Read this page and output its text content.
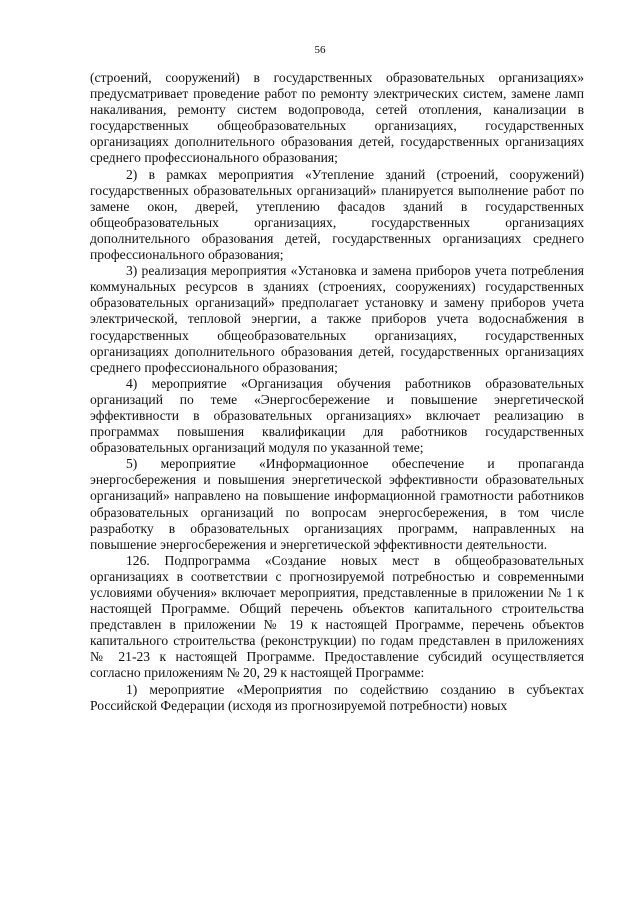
56

(строений, сооружений) в государственных образовательных организациях» предусматривает проведение работ по ремонту электрических систем, замене ламп накаливания, ремонту систем водопровода, сетей отопления, канализации в государственных общеобразовательных организациях, государственных организациях дополнительного образования детей, государственных организациях среднего профессионального образования;

2) в рамках мероприятия «Утепление зданий (строений, сооружений) государственных образовательных организаций» планируется выполнение работ по замене окон, дверей, утеплению фасадов зданий в государственных общеобразовательных организациях, государственных организациях дополнительного образования детей, государственных организациях среднего профессионального образования;

3) реализация мероприятия «Установка и замена приборов учета потребления коммунальных ресурсов в зданиях (строениях, сооружениях) государственных образовательных организаций» предполагает установку и замену приборов учета электрической, тепловой энергии, а также приборов учета водоснабжения в государственных общеобразовательных организациях, государственных организациях дополнительного образования детей, государственных организациях среднего профессионального образования;

4) мероприятие «Организация обучения работников образовательных организаций по теме «Энергосбережение и повышение энергетической эффективности в образовательных организациях» включает реализацию в программах повышения квалификации для работников государственных образовательных организаций модуля по указанной теме;

5) мероприятие «Информационное обеспечение и пропаганда энергосбережения и повышения энергетической эффективности образовательных организаций» направлено на повышение информационной грамотности работников образовательных организаций по вопросам энергосбережения, в том числе разработку в образовательных организациях программ, направленных на повышение энергосбережения и энергетической эффективности деятельности.

126. Подпрограмма «Создание новых мест в общеобразовательных организациях в соответствии с прогнозируемой потребностью и современными условиями обучения» включает мероприятия, представленные в приложении № 1 к настоящей Программе. Общий перечень объектов капитального строительства представлен в приложении № 19 к настоящей Программе, перечень объектов капитального строительства (реконструкции) по годам представлен в приложениях № 21-23 к настоящей Программе. Предоставление субсидий осуществляется согласно приложениям № 20, 29 к настоящей Программе:

1) мероприятие «Мероприятия по содействию созданию в субъектах Российской Федерации (исходя из прогнозируемой потребности) новых
